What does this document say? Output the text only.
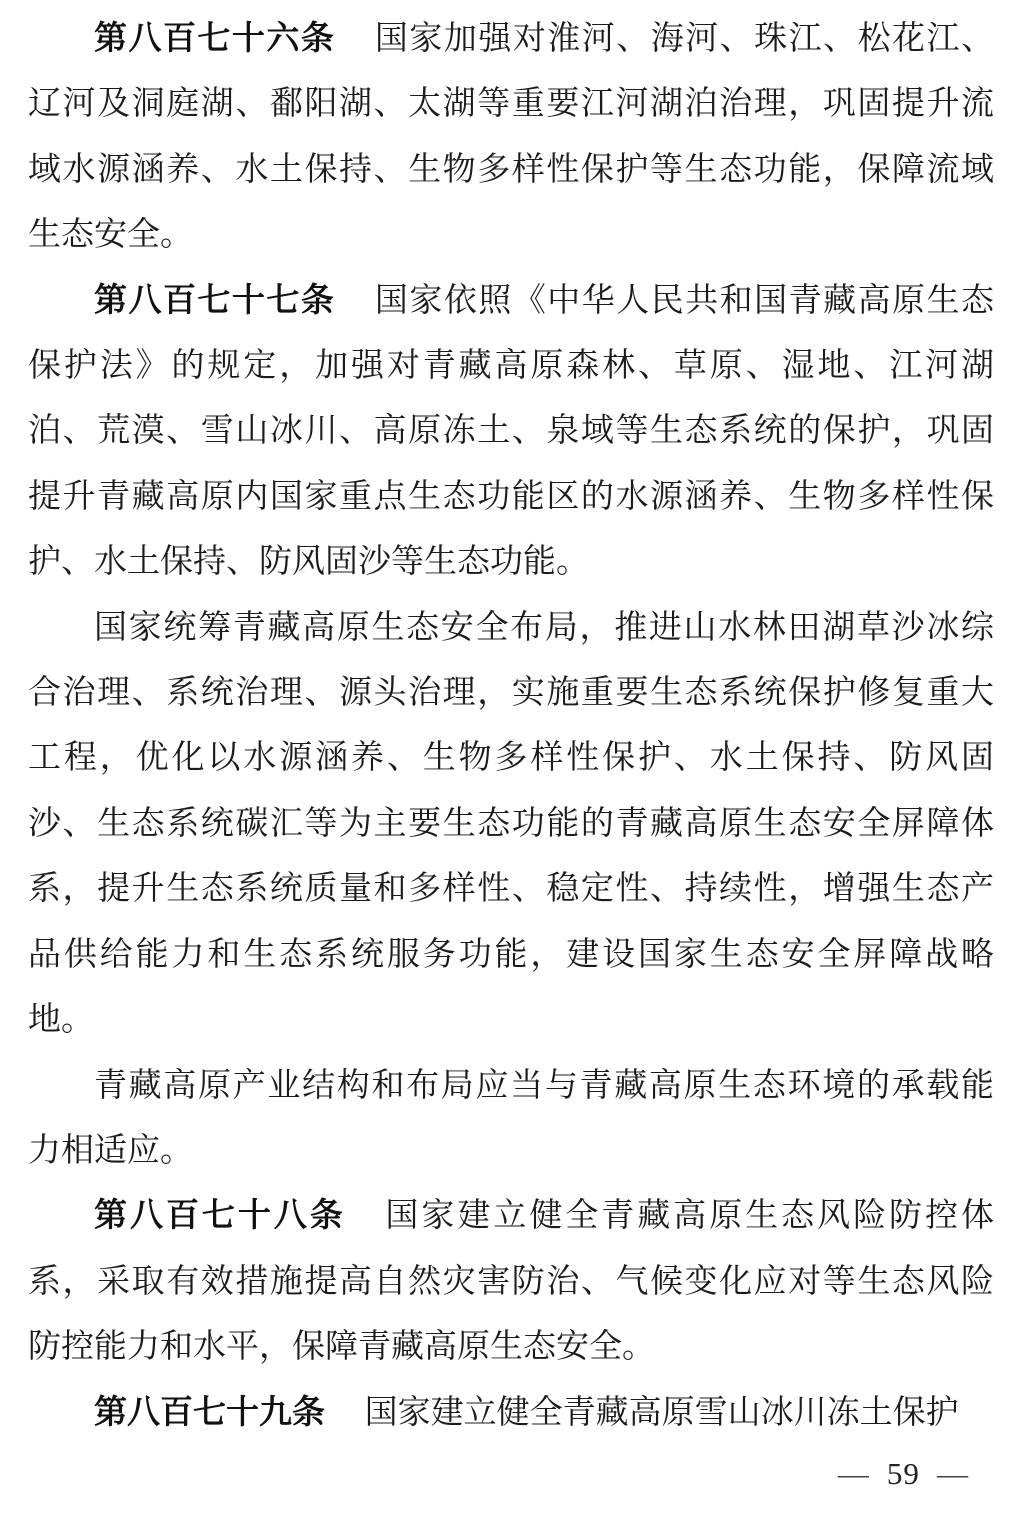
第八百七十六条 国家加强对淮河、海河、珠江、松花江、
辽河及洞庭湖、鄱阳湖、太湖等重要江河湖泊治理，巩固提升流
域水源涵养、水土保持、生物多样性保护等生态功能，保障流域
生态安全。
第八百七十七条 国家依照《中华人民共和国青藏高原生态
保护法》的规定，加强对青藏高原森林、草原、湿地、江河湖
泊、荒漠、雪山冰川、高原冻土、泉域等生态系统的保护，巩固
提升青藏高原内国家重点生态功能区的水源涵养、生物多样性保
护、水土保持、防风固沙等生态功能。
国家统筹青藏高原生态安全布局，推进山水林田湖草沙冰综
合治理、系统治理、源头治理，实施重要生态系统保护修复重大
工程，优化以水源涵养、生物多样性保护、水土保持、防风固
沙、生态系统碳汇等为主要生态功能的青藏高原生态安全屏障体
系，提升生态系统质量和多样性、稳定性、持续性，增强生态产
品供给能力和生态系统服务功能，建设国家生态安全屏障战略
地。
青藏高原产业结构和布局应当与青藏高原生态环境的承载能
力相适应。
第八百七十八条 国家建立健全青藏高原生态风险防控体
系，采取有效措施提高自然灾害防治、气候变化应对等生态风险
防控能力和水平，保障青藏高原生态安全。
第八百七十九条 国家建立健全青藏高原雪山冰川冻土保护
— 59 —
